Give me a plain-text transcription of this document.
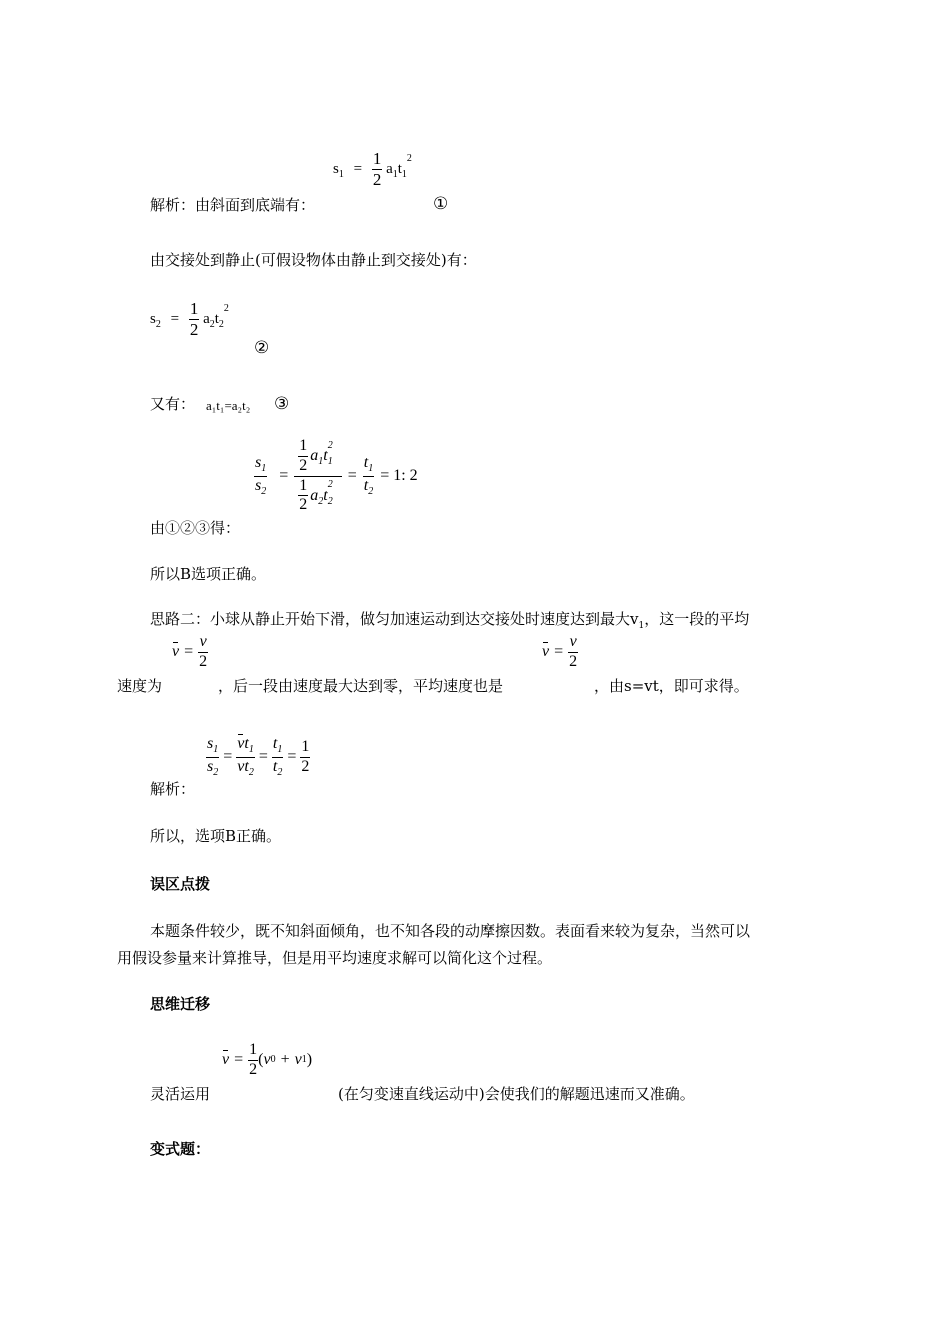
$s_1 = \frac{1}{2} a_1t_1^2$
解析：由斜面到底端有：	①
由交接处到静止(可假设物体由静止到交接处)有：
$s_2 = \frac{1}{2} a_2t_2^2$
②
又有： a₁t₁=a₂t₂ ③
$\frac{s_1}{s_2} = \frac{\frac{1}{2} a_1t_1^2}{\frac{1}{2} a_2t_2^2} = \frac{t_1}{t_2} = 1$: 2
由①②③得：
所以B选项正确。
思路二：小球从静止开始下滑，做匀加速运动到达交接处时速度达到最大$v_1$，这一段的平均
$v = \frac{v}{2}$	$v = \frac{v}{2}$
速度为	，后一段由速度最大达到零，平均速度也是	，由s=vt，即可求得。
$\frac{s_1}{s_2} = \frac{vt_1}{vt_2} = \frac{t_1}{t_2} = \frac{1}{2}$
解析：
所以，选项B正确。
误区点拨
本题条件较少，既不知斜面倾角，也不知各段的动摩擦因数。表面看来较为复杂，当然可以
用假设参量来计算推导，但是用平均速度求解可以简化这个过程。
思维迁移
$v = \frac{1}{2}$ ( v 0 + v 1 )
灵活运用	(在匀变速直线运动中)会使我们的解题迅速而又准确。
变式题：
